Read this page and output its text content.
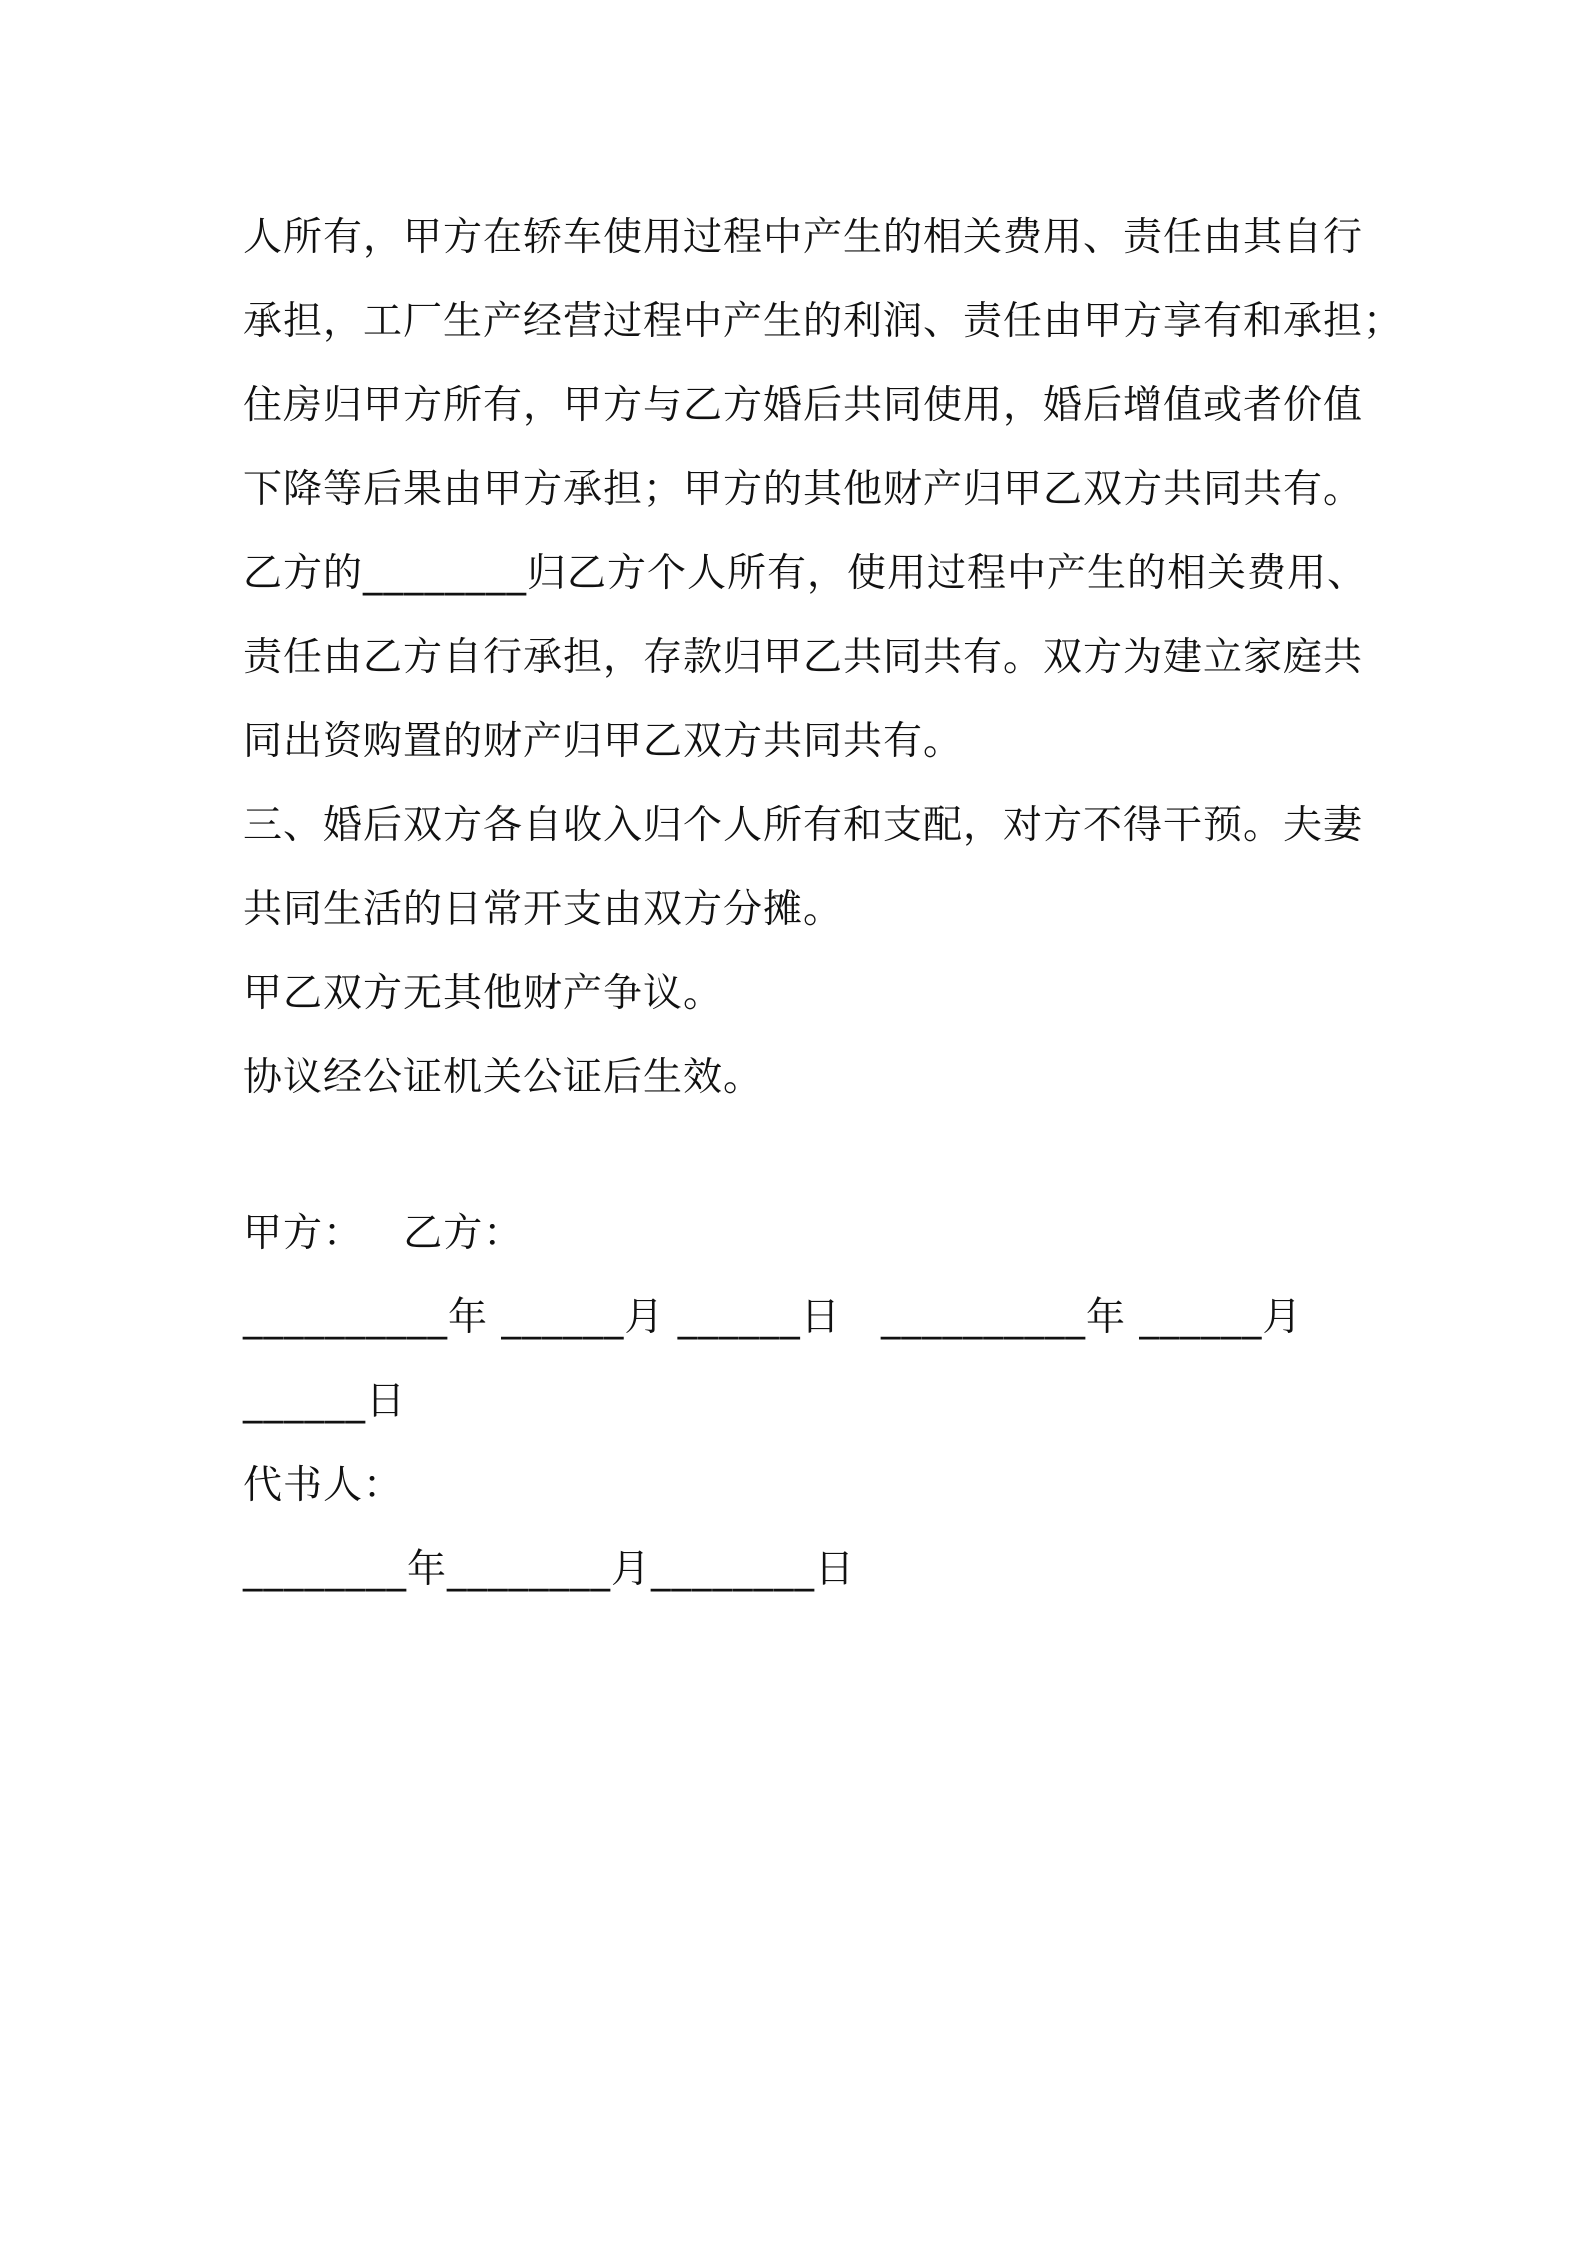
人所有，甲方在轿车使用过程中产生的相关费用、责任由其自行
承担，工厂生产经营过程中产生的利润、责任由甲方享有和承担；
住房归甲方所有，甲方与乙方婚后共同使用，婚后增值或者价值
下降等后果由甲方承担；甲方的其他财产归甲乙双方共同共有。
乙方的________归乙方个人所有，使用过程中产生的相关费用、
责任由乙方自行承担，存款归甲乙共同共有。双方为建立家庭共
同出资购置的财产归甲乙双方共同共有。
三、婚后双方各自收入归个人所有和支配，对方不得干预。夫妻
共同生活的日常开支由双方分摊。
甲乙双方无其他财产争议。
协议经公证机关公证后生效。
甲方：   乙方：
__________年 ______月 ______日   __________年 ______月
______日
代书人：
________年________月________日
